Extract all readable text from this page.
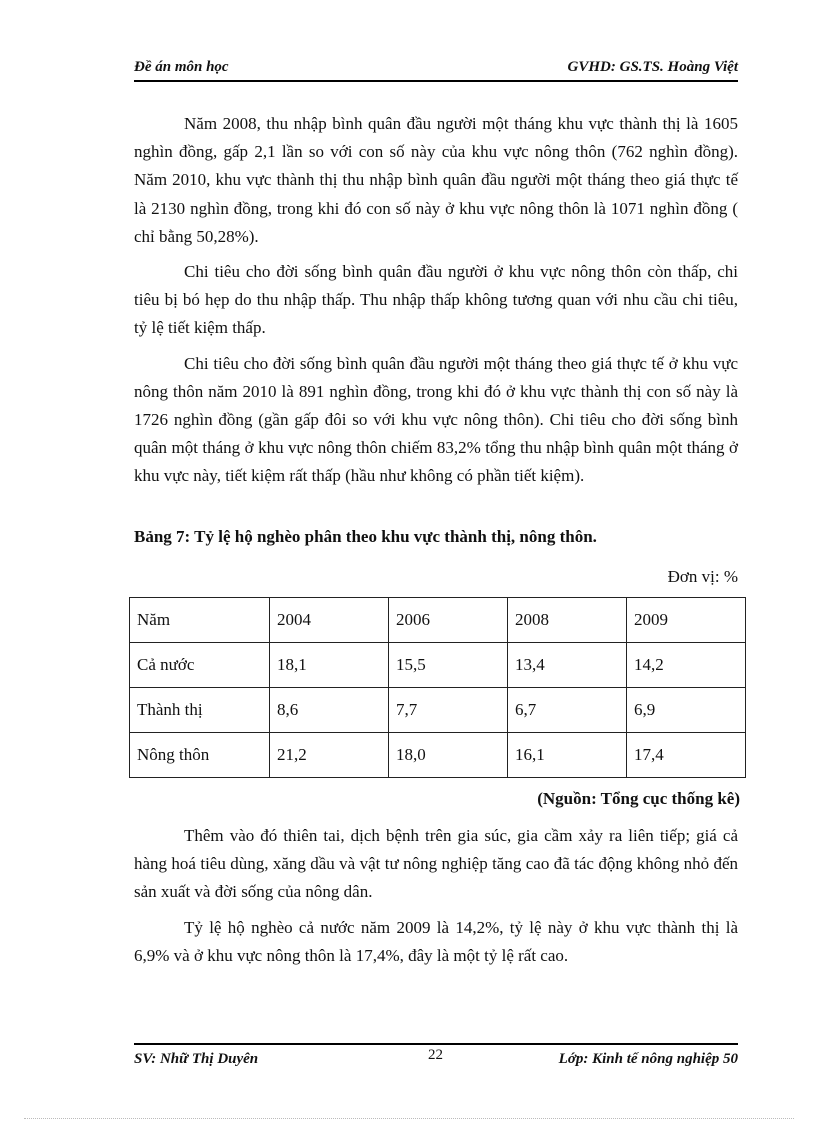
Đề án môn học	GVHD: GS.TS. Hoàng Việt

Năm 2008, thu nhập bình quân đầu người một tháng khu vực thành thị là 1605 nghìn đồng, gấp 2,1 lần so với con số này của khu vực nông thôn (762 nghìn đồng). Năm 2010, khu vực thành thị thu nhập bình quân đầu người một tháng theo giá thực tế là 2130 nghìn đồng, trong khi đó con số này ở khu vực nông thôn là 1071 nghìn đồng ( chỉ bằng 50,28%).

Chi tiêu cho đời sống bình quân đầu người ở khu vực nông thôn còn thấp, chi tiêu bị bó hẹp do thu nhập thấp. Thu nhập thấp không tương quan với nhu cầu chi tiêu, tỷ lệ tiết kiệm thấp.

Chi tiêu cho đời sống bình quân đầu người một tháng theo giá thực tế ở khu vực nông thôn năm 2010 là 891 nghìn đồng, trong khi đó ở khu vực thành thị con số này là 1726 nghìn đồng (gần gấp đôi so với khu vực nông thôn). Chi tiêu cho đời sống bình quân một tháng ở khu vực nông thôn chiếm 83,2% tổng thu nhập bình quân một tháng ở khu vực này, tiết kiệm rất thấp (hầu như không có phần tiết kiệm).

Bảng 7: Tỷ lệ hộ nghèo phân theo khu vực thành thị, nông thôn.
Đơn vị: %
Năm	2004	2006	2008	2009
Cả nước	18,1	15,5	13,4	14,2
Thành thị	8,6	7,7	6,7	6,9
Nông thôn	21,2	18,0	16,1	17,4
(Nguồn: Tổng cục thống kê)

Thêm vào đó thiên tai, dịch bệnh trên gia súc, gia cầm xảy ra liên tiếp; giá cả hàng hoá tiêu dùng, xăng dầu và vật tư nông nghiệp tăng cao đã tác động không nhỏ đến sản xuất và đời sống của nông dân.

Tỷ lệ hộ nghèo cả nước năm 2009 là 14,2%, tỷ lệ này ở khu vực thành thị là 6,9% và ở khu vực nông thôn là 17,4%, đây là một tỷ lệ rất cao.

SV: Nhữ Thị Duyên	22	Lớp: Kinh tế nông nghiệp 50
